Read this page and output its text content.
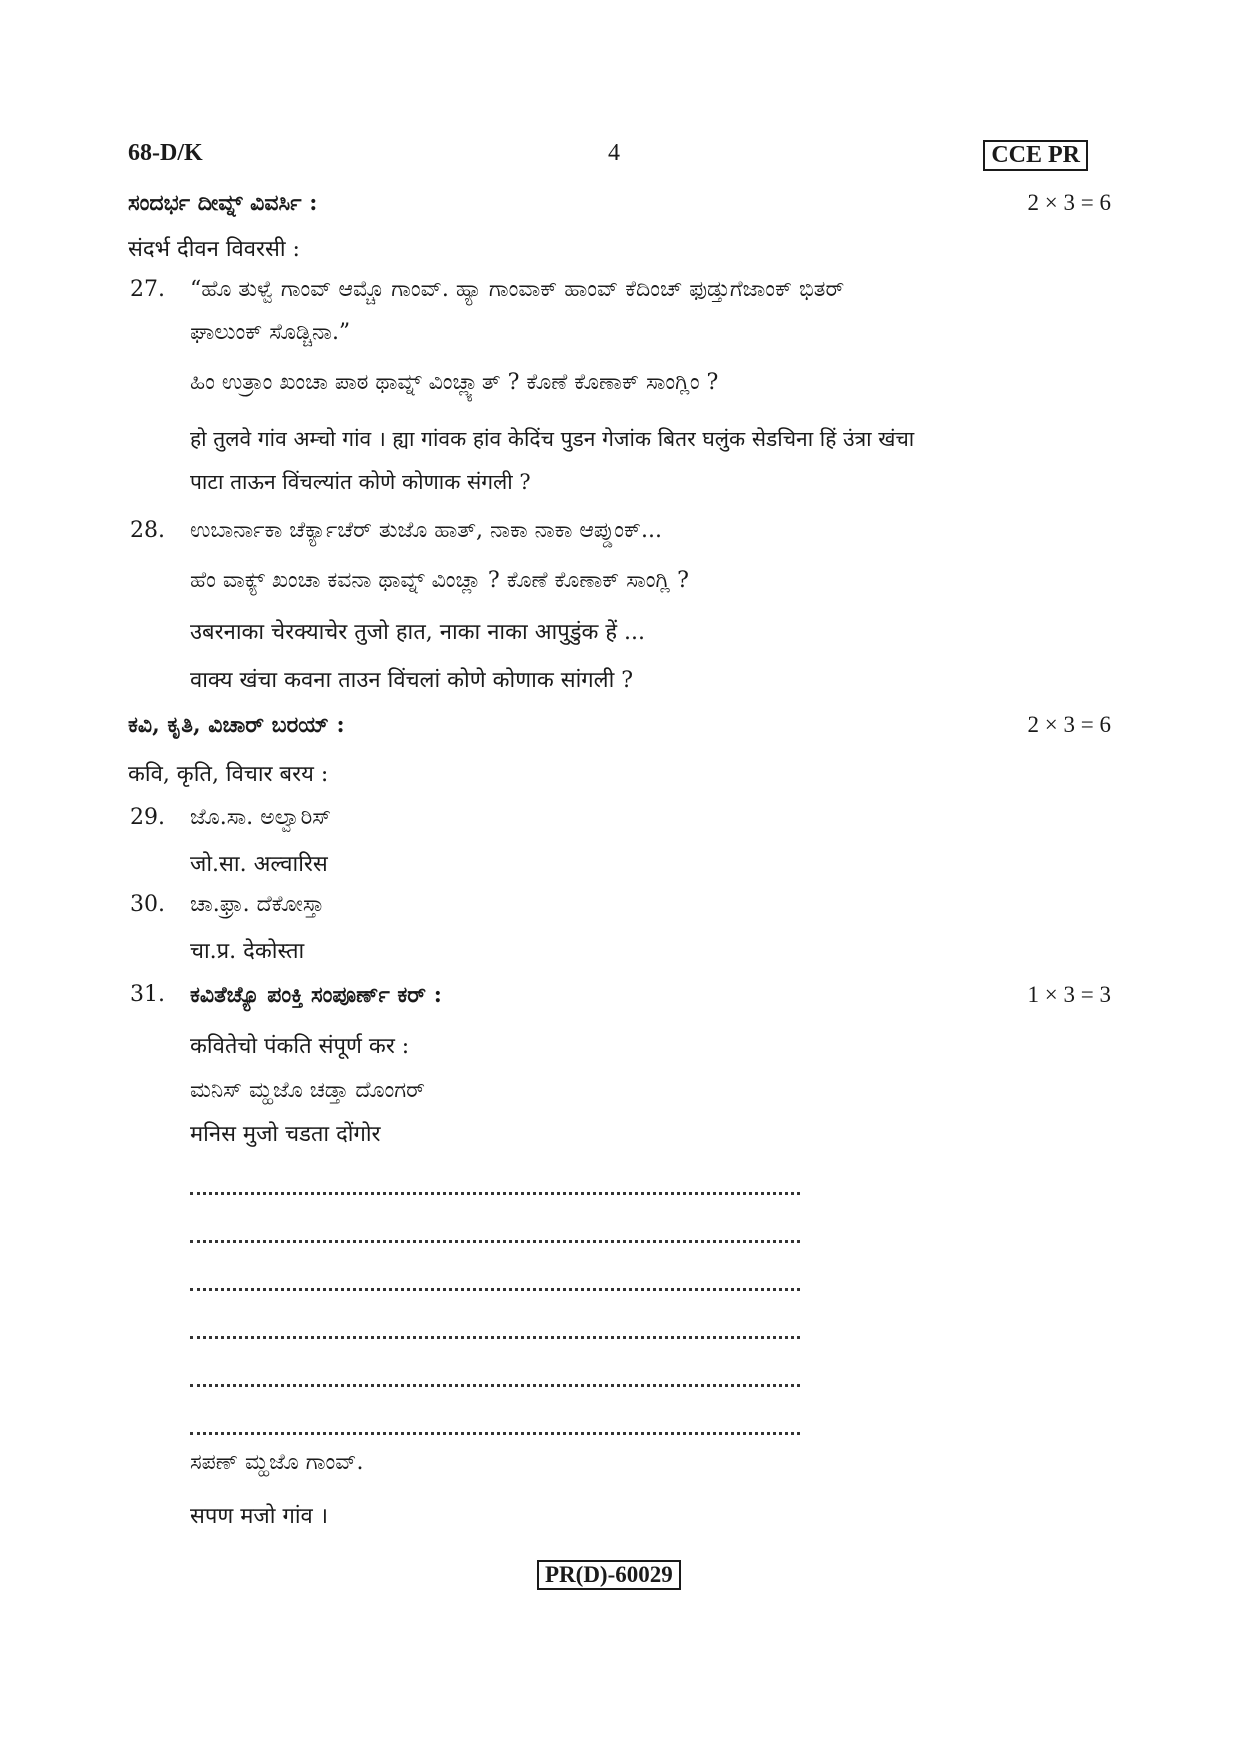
68-D/K	4	CCE PR
ಸಂದರ್ಭ ದೀವ್ನ್ ವಿವರ್ಸಿ :	2 × 3 = 6
संदर्भ दीवन विवरसी :
27.	“ಹೊ ತುಳ್ವೆ ಗಾಂವ್ ಆಮ್ಚೊ ಗಾಂವ್. ಹ್ಯಾ ಗಾಂವಾಕ್ ಹಾಂವ್ ಕೆದಿಂಚ್ ಫುಡ್ತುಗೆಜಾಂಕ್ ಭಿತರ್
ಘಾಲುಂಕ್ ಸೊಡ್ಚಿನಾ.”
ಹಿಂ ಉತ್ರಾಂ ಖಂಚಾ ಪಾಠ ಥಾವ್ನ್ ವಿಂಚ್ಲ್ಯಾತ್ ? ಕೊಣೆ ಕೊಣಾಕ್ ಸಾಂಗ್ಲಿಂ ?
हो तुलवे गांव अम्चो गांव । ह्या गांवक हांव केदिंच पुडन गेजांक बितर घलुंक सेडचिना हिं उंत्रा खंचा
पाटा ताऊन विंचल्यांत कोणे कोणाक संगली ?
28.	ಉಬಾರ್ನಾಕಾ ಚೆರ್ಕ್ಯಾಚೆರ್ ತುಜೊ ಹಾತ್, ನಾಕಾ ನಾಕಾ ಆಪ್ಡುಂಕ್...
ಹೆಂ ವಾಕ್ಯ್ ಖಂಚಾ ಕವನಾ ಥಾವ್ನ್ ವಿಂಚ್ಲಾ ? ಕೊಣೆ ಕೊಣಾಕ್ ಸಾಂಗ್ಲಿ ?
उबरनाका चेरक्याचेर तुजो हात, नाका नाका आपुडुंक हें ...
वाक्य खंचा कवना ताउन विंचलां कोणे कोणाक सांगली ?
ಕವಿ, ಕೃತಿ, ವಿಚಾರ್ ಬರಯ್ :	2 × 3 = 6
कवि, कृति, विचार बरय :
29.	ಜೊ.ಸಾ. ಅಲ್ವಾರಿಸ್
जो.सा. अल्वारिस
30.	ಚಾ.ಫ್ರಾ. ದೆಕೋಸ್ತಾ
चा.प्र. देकोस्ता
31.	ಕವಿತೆಚ್ಯೊ ಪಂಕ್ತಿ ಸಂಪೂರ್ಣ್ ಕರ್ :	1 × 3 = 3
कवितेचो पंकति संपूर्ण कर :
ಮನಿಸ್ ಮ್ಹಜೊ ಚಡ್ತಾ ದೊಂಗರ್
मनिस मुजो चडता दोंगोर
ಸಪಣ್ ಮ್ಹಜೊ ಗಾಂವ್.
सपण मजो गांव ।
PR(D)-60029
